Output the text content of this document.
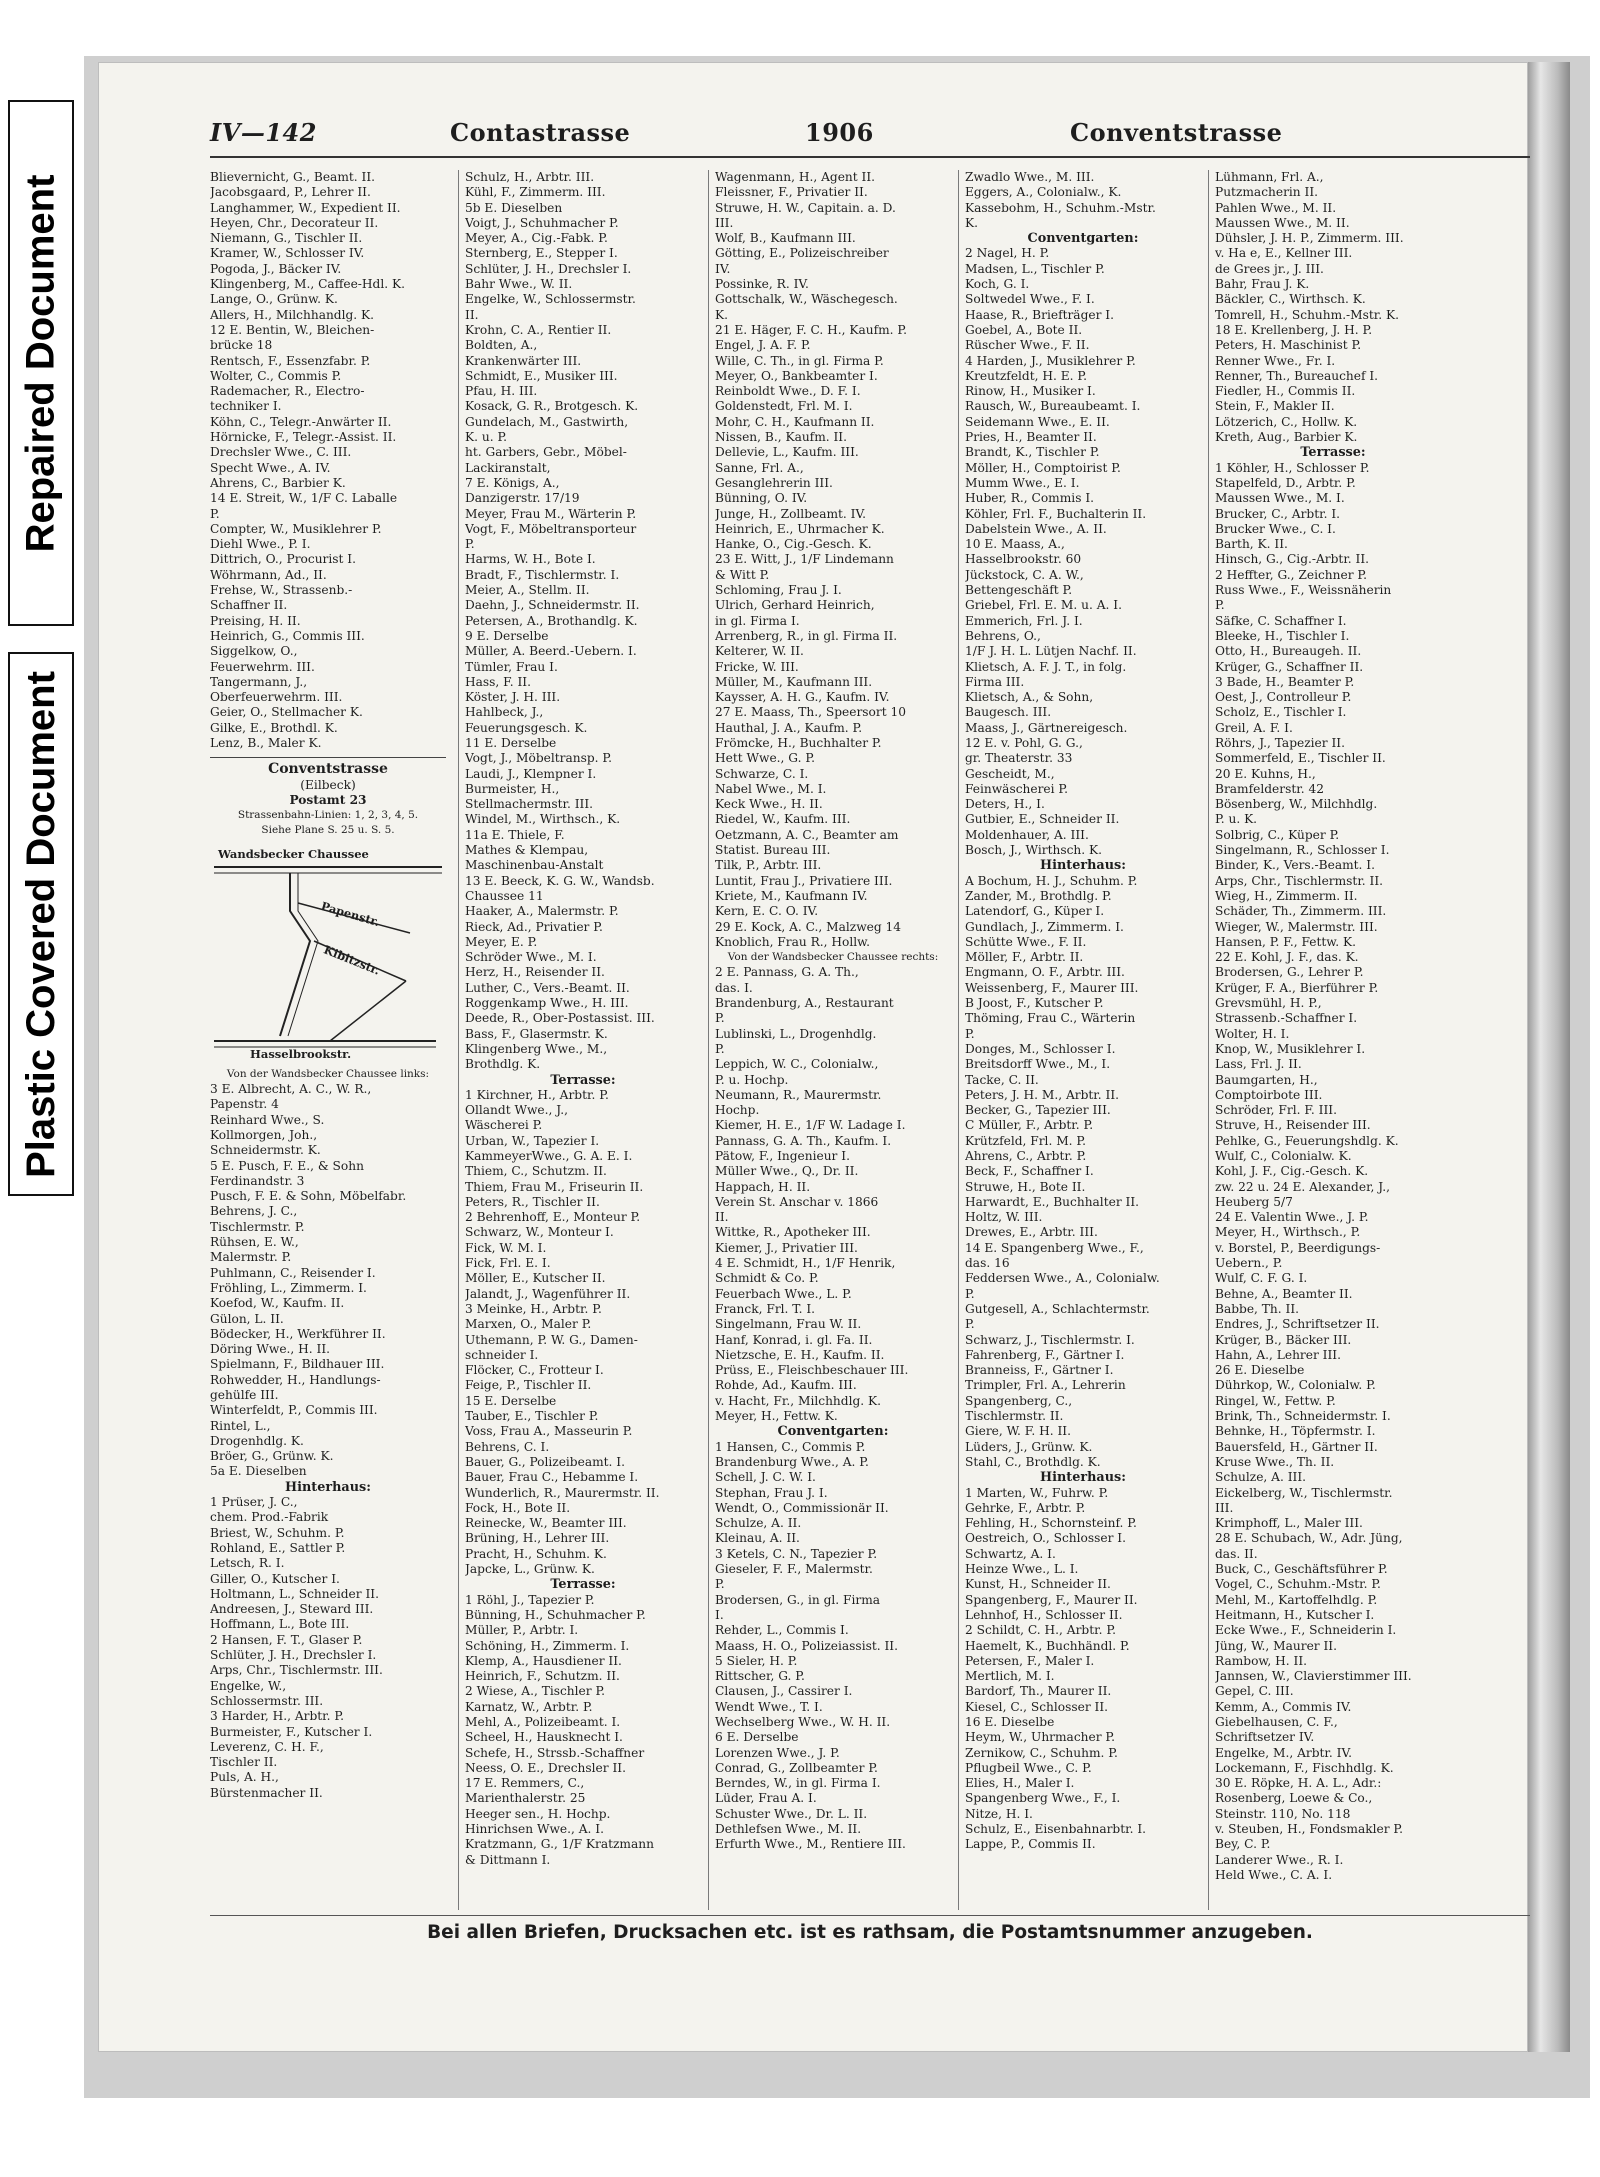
Repaired Document
Plastic Covered Document
IV—142	Contastrasse	1906	Conventstrasse
Blievernicht, G., Beamt. II.
Jacobsgaard, P., Lehrer II.
Langhammer, W., Expedient II.
Heyen, Chr., Decorateur II.
Niemann, G., Tischler II.
Kramer, W., Schlosser IV.
Pogoda, J., Bäcker IV.
Klingenberg, M., Caffee-Hdl. K.
Lange, O., Grünw. K.
Allers, H., Milchhandlg. K.
12 E. Bentin, W., Bleichen-
brücke 18
Rentsch, F., Essenzfabr. P.
Wolter, C., Commis P.
Rademacher, R., Electro-
techniker I.
Köhn, C., Telegr.-Anwärter II.
Hörnicke, F., Telegr.-Assist. II.
Drechsler Wwe., C. III.
Specht Wwe., A. IV.
Ahrens, C., Barbier K.
14 E. Streit, W., 1/F C. Laballe
P.
Compter, W., Musiklehrer P.
Diehl Wwe., P. I.
Dittrich, O., Procurist I.
Wöhrmann, Ad., II.
Frehse, W., Strassenb.-
Schaffner II.
Preising, H. II.
Heinrich, G., Commis III.
Siggelkow, O.,
Feuerwehrm. III.
Tangermann, J.,
Oberfeuerwehrm. III.
Geier, O., Stellmacher K.
Gilke, E., Brothdl. K.
Lenz, B., Maler K.
Conventstrasse
(Eilbeck)
Postamt 23
Strassenbahn-Linien: 1, 2, 3, 4, 5.
Siehe Plane S. 25 u. S. 5.
Wandsbecker Chaussee
Papenstr.
Kibitzstr.
Hasselbrookstr.
Von der Wandsbecker Chaussee links:
3 E. Albrecht, A. C., W. R.,
Papenstr. 4
Reinhard Wwe., S.
Kollmorgen, Joh.,
Schneidermstr. K.
5 E. Pusch, F. E., & Sohn
Ferdinandstr. 3
Pusch, F. E. & Sohn, Möbelfabr.
Behrens, J. C.,
Tischlermstr. P.
Rühsen, E. W.,
Malermstr. P.
Puhlmann, C., Reisender I.
Fröhling, L., Zimmerm. I.
Koefod, W., Kaufm. II.
Gülon, L. II.
Bödecker, H., Werkführer II.
Döring Wwe., H. II.
Spielmann, F., Bildhauer III.
Rohwedder, H., Handlungs-
gehülfe III.
Winterfeldt, P., Commis III.
Rintel, L.,
Drogenhdlg. K.
Bröer, G., Grünw. K.
5a E. Dieselben
Hinterhaus:
1 Prüser, J. C.,
chem. Prod.-Fabrik
Briest, W., Schuhm. P.
Rohland, E., Sattler P.
Letsch, R. I.
Giller, O., Kutscher I.
Holtmann, L., Schneider II.
Andreesen, J., Steward III.
Hoffmann, L., Bote III.
2 Hansen, F. T., Glaser P.
Schlüter, J. H., Drechsler I.
Arps, Chr., Tischlermstr. III.
Engelke, W.,
Schlossermstr. III.
3 Harder, H., Arbtr. P.
Burmeister, F., Kutscher I.
Leverenz, C. H. F.,
Tischler II.
Puls, A. H.,
Bürstenmacher II.
Schulz, H., Arbtr. III.
Kühl, F., Zimmerm. III.
5b E. Dieselben
Voigt, J., Schuhmacher P.
Meyer, A., Cig.-Fabk. P.
Sternberg, E., Stepper I.
Schlüter, J. H., Drechsler I.
Bahr Wwe., W. II.
Engelke, W., Schlossermstr.
II.
Krohn, C. A., Rentier II.
Boldten, A.,
Krankenwärter III.
Schmidt, E., Musiker III.
Pfau, H. III.
Kosack, G. R., Brotgesch. K.
Gundelach, M., Gastwirth,
K. u. P.
ht. Garbers, Gebr., Möbel-
Lackiranstalt,
7 E. Königs, A.,
Danzigerstr. 17/19
Meyer, Frau M., Wärterin P.
Vogt, F., Möbeltransporteur
P.
Harms, W. H., Bote I.
Bradt, F., Tischlermstr. I.
Meier, A., Stellm. II.
Daehn, J., Schneidermstr. II.
Petersen, A., Brothandlg. K.
9 E. Derselbe
Müller, A. Beerd.-Uebern. I.
Tümler, Frau I.
Hass, F. II.
Köster, J. H. III.
Hahlbeck, J.,
Feuerungsgesch. K.
11 E. Derselbe
Vogt, J., Möbeltransp. P.
Laudi, J., Klempner I.
Burmeister, H.,
Stellmachermstr. III.
Windel, M., Wirthsch., K.
11a E. Thiele, F.
Mathes & Klempau,
Maschinenbau-Anstalt
13 E. Beeck, K. G. W., Wandsb.
Chaussee 11
Haaker, A., Malermstr. P.
Rieck, Ad., Privatier P.
Meyer, E. P.
Schröder Wwe., M. I.
Herz, H., Reisender II.
Luther, C., Vers.-Beamt. II.
Roggenkamp Wwe., H. III.
Deede, R., Ober-Postassist. III.
Bass, F., Glasermstr. K.
Klingenberg Wwe., M.,
Brothdlg. K.
Terrasse:
1 Kirchner, H., Arbtr. P.
Ollandt Wwe., J.,
Wäscherei P.
Urban, W., Tapezier I.
KammeyerWwe., G. A. E. I.
Thiem, C., Schutzm. II.
Thiem, Frau M., Friseurin II.
Peters, R., Tischler II.
2 Behrenhoff, E., Monteur P.
Schwarz, W., Monteur I.
Fick, W. M. I.
Fick, Frl. E. I.
Möller, E., Kutscher II.
Jalandt, J., Wagenführer II.
3 Meinke, H., Arbtr. P.
Marxen, O., Maler P.
Uthemann, P. W. G., Damen-
schneider I.
Flöcker, C., Frotteur I.
Feige, P., Tischler II.
15 E. Derselbe
Tauber, E., Tischler P.
Voss, Frau A., Masseurin P.
Behrens, C. I.
Bauer, G., Polizeibeamt. I.
Bauer, Frau C., Hebamme I.
Wunderlich, R., Maurermstr. II.
Fock, H., Bote II.
Reinecke, W., Beamter III.
Brüning, H., Lehrer III.
Pracht, H., Schuhm. K.
Japcke, L., Grünw. K.
Terrasse:
1 Röhl, J., Tapezier P.
Bünning, H., Schuhmacher P.
Müller, P., Arbtr. I.
Schöning, H., Zimmerm. I.
Klemp, A., Hausdiener II.
Heinrich, F., Schutzm. II.
2 Wiese, A., Tischler P.
Karnatz, W., Arbtr. P.
Mehl, A., Polizeibeamt. I.
Scheel, H., Hausknecht I.
Schefe, H., Strssb.-Schaffner
Neess, O. E., Drechsler II.
17 E. Remmers, C.,
Marienthalerstr. 25
Heeger sen., H. Hochp.
Hinrichsen Wwe., A. I.
Kratzmann, G., 1/F Kratzmann
& Dittmann I.
Wagenmann, H., Agent II.
Fleissner, F., Privatier II.
Struwe, H. W., Capitain. a. D.
III.
Wolf, B., Kaufmann III.
Götting, E., Polizeischreiber
IV.
Possinke, R. IV.
Gottschalk, W., Wäschegesch.
K.
21 E. Häger, F. C. H., Kaufm. P.
Engel, J. A. F. P.
Wille, C. Th., in gl. Firma P.
Meyer, O., Bankbeamter I.
Reinboldt Wwe., D. F. I.
Goldenstedt, Frl. M. I.
Mohr, C. H., Kaufmann II.
Nissen, B., Kaufm. II.
Dellevie, L., Kaufm. III.
Sanne, Frl. A.,
Gesanglehrerin III.
Bünning, O. IV.
Junge, H., Zollbeamt. IV.
Heinrich, E., Uhrmacher K.
Hanke, O., Cig.-Gesch. K.
23 E. Witt, J., 1/F Lindemann
& Witt P.
Schloming, Frau J. I.
Ulrich, Gerhard Heinrich,
in gl. Firma I.
Arrenberg, R., in gl. Firma II.
Kelterer, W. II.
Fricke, W. III.
Müller, M., Kaufmann III.
Kaysser, A. H. G., Kaufm. IV.
27 E. Maass, Th., Speersort 10
Hauthal, J. A., Kaufm. P.
Frömcke, H., Buchhalter P.
Hett Wwe., G. P.
Schwarze, C. I.
Nabel Wwe., M. I.
Keck Wwe., H. II.
Riedel, W., Kaufm. III.
Oetzmann, A. C., Beamter am
Statist. Bureau III.
Tilk, P., Arbtr. III.
Luntit, Frau J., Privatiere III.
Kriete, M., Kaufmann IV.
Kern, E. C. O. IV.
29 E. Kock, A. C., Malzweg 14
Knoblich, Frau R., Hollw.
Von der Wandsbecker Chaussee rechts:
2 E. Pannass, G. A. Th.,
das. I.
Brandenburg, A., Restaurant
P.
Lublinski, L., Drogenhdlg.
P.
Leppich, W. C., Colonialw.,
P. u. Hochp.
Neumann, R., Maurermstr.
Hochp.
Kiemer, H. E., 1/F W. Ladage I.
Pannass, G. A. Th., Kaufm. I.
Pätow, F., Ingenieur I.
Müller Wwe., Q., Dr. II.
Happach, H. II.
Verein St. Anschar v. 1866
II.
Wittke, R., Apotheker III.
Kiemer, J., Privatier III.
4 E. Schmidt, H., 1/F Henrik,
Schmidt & Co. P.
Feuerbach Wwe., L. P.
Franck, Frl. T. I.
Singelmann, Frau W. II.
Hanf, Konrad, i. gl. Fa. II.
Nietzsche, E. H., Kaufm. II.
Prüss, E., Fleischbeschauer III.
Rohde, Ad., Kaufm. III.
v. Hacht, Fr., Milchhdlg. K.
Meyer, H., Fettw. K.
Conventgarten:
1 Hansen, C., Commis P.
Brandenburg Wwe., A. P.
Schell, J. C. W. I.
Stephan, Frau J. I.
Wendt, O., Commissionär II.
Schulze, A. II.
Kleinau, A. II.
3 Ketels, C. N., Tapezier P.
Gieseler, F. F., Malermstr.
P.
Brodersen, G., in gl. Firma
I.
Rehder, L., Commis I.
Maass, H. O., Polizeiassist. II.
5 Sieler, H. P.
Rittscher, G. P.
Clausen, J., Cassirer I.
Wendt Wwe., T. I.
Wechselberg Wwe., W. H. II.
6 E. Derselbe
Lorenzen Wwe., J. P.
Conrad, G., Zollbeamter P.
Berndes, W., in gl. Firma I.
Lüder, Frau A. I.
Schuster Wwe., Dr. L. II.
Dethlefsen Wwe., M. II.
Erfurth Wwe., M., Rentiere III.
Zwadlo Wwe., M. III.
Eggers, A., Colonialw., K.
Kassebohm, H., Schuhm.-Mstr.
K.
Conventgarten:
2 Nagel, H. P.
Madsen, L., Tischler P.
Koch, G. I.
Soltwedel Wwe., F. I.
Haase, R., Briefträger I.
Goebel, A., Bote II.
Rüscher Wwe., F. II.
4 Harden, J., Musiklehrer P.
Kreutzfeldt, H. E. P.
Rinow, H., Musiker I.
Rausch, W., Bureaubeamt. I.
Seidemann Wwe., E. II.
Pries, H., Beamter II.
Brandt, K., Tischler P.
Möller, H., Comptoirist P.
Mumm Wwe., E. I.
Huber, R., Commis I.
Köhler, Frl. F., Buchalterin II.
Dabelstein Wwe., A. II.
10 E. Maass, A.,
Hasselbrookstr. 60
Jückstock, C. A. W.,
Bettengeschäft P.
Griebel, Frl. E. M. u. A. I.
Emmerich, Frl. J. I.
Behrens, O.,
1/F J. H. L. Lütjen Nachf. II.
Klietsch, A. F. J. T., in folg.
Firma III.
Klietsch, A., & Sohn,
Baugesch. III.
Maass, J., Gärtnereigesch.
12 E. v. Pohl, G. G.,
gr. Theaterstr. 33
Gescheidt, M.,
Feinwäscherei P.
Deters, H., I.
Gutbier, E., Schneider II.
Moldenhauer, A. III.
Bosch, J., Wirthsch. K.
Hinterhaus:
A Bochum, H. J., Schuhm. P.
Zander, M., Brothdlg. P.
Latendorf, G., Küper I.
Gundlach, J., Zimmerm. I.
Schütte Wwe., F. II.
Möller, F., Arbtr. II.
Engmann, O. F., Arbtr. III.
Weissenberg, F., Maurer III.
B Joost, F., Kutscher P.
Thöming, Frau C., Wärterin
P.
Donges, M., Schlosser I.
Breitsdorff Wwe., M., I.
Tacke, C. II.
Peters, J. H. M., Arbtr. II.
Becker, G., Tapezier III.
C Müller, F., Arbtr. P.
Krützfeld, Frl. M. P.
Ahrens, C., Arbtr. P.
Beck, F., Schaffner I.
Struwe, H., Bote II.
Harwardt, E., Buchhalter II.
Holtz, W. III.
Drewes, E., Arbtr. III.
14 E. Spangenberg Wwe., F.,
das. 16
Feddersen Wwe., A., Colonialw.
P.
Gutgesell, A., Schlachtermstr.
P.
Schwarz, J., Tischlermstr. I.
Fahrenberg, F., Gärtner I.
Branneiss, F., Gärtner I.
Trimpler, Frl. A., Lehrerin
Spangenberg, C.,
Tischlermstr. II.
Giere, W. F. H. II.
Lüders, J., Grünw. K.
Stahl, C., Brothdlg. K.
Hinterhaus:
1 Marten, W., Fuhrw. P.
Gehrke, F., Arbtr. P.
Fehling, H., Schornsteinf. P.
Oestreich, O., Schlosser I.
Schwartz, A. I.
Heinze Wwe., L. I.
Kunst, H., Schneider II.
Spangenberg, F., Maurer II.
Lehnhof, H., Schlosser II.
2 Schildt, C. H., Arbtr. P.
Haemelt, K., Buchhändl. P.
Petersen, F., Maler I.
Mertlich, M. I.
Bardorf, Th., Maurer II.
Kiesel, C., Schlosser II.
16 E. Dieselbe
Heym, W., Uhrmacher P.
Zernikow, C., Schuhm. P.
Pflugbeil Wwe., C. P.
Elies, H., Maler I.
Spangenberg Wwe., F., I.
Nitze, H. I.
Schulz, E., Eisenbahnarbtr. I.
Lappe, P., Commis II.
Lühmann, Frl. A.,
Putzmacherin II.
Pahlen Wwe., M. II.
Maussen Wwe., M. II.
Dühsler, J. H. P., Zimmerm. III.
v. Ha e, E., Kellner III.
de Grees jr., J. III.
Bahr, Frau J. K.
Bäckler, C., Wirthsch. K.
Tomrell, H., Schuhm.-Mstr. K.
18 E. Krellenberg, J. H. P.
Peters, H. Maschinist P.
Renner Wwe., Fr. I.
Renner, Th., Bureauchef I.
Fiedler, H., Commis II.
Stein, F., Makler II.
Lötzerich, C., Hollw. K.
Kreth, Aug., Barbier K.
Terrasse:
1 Köhler, H., Schlosser P.
Stapelfeld, D., Arbtr. P.
Maussen Wwe., M. I.
Brucker, C., Arbtr. I.
Brucker Wwe., C. I.
Barth, K. II.
Hinsch, G., Cig.-Arbtr. II.
2 Heffter, G., Zeichner P.
Russ Wwe., F., Weissnäherin
P.
Säfke, C. Schaffner I.
Bleeke, H., Tischler I.
Otto, H., Bureaugeh. II.
Krüger, G., Schaffner II.
3 Bade, H., Beamter P.
Oest, J., Controlleur P.
Scholz, E., Tischler I.
Greil, A. F. I.
Röhrs, J., Tapezier II.
Sommerfeld, E., Tischler II.
20 E. Kuhns, H.,
Bramfelderstr. 42
Bösenberg, W., Milchhdlg.
P. u. K.
Solbrig, C., Küper P.
Singelmann, R., Schlosser I.
Binder, K., Vers.-Beamt. I.
Arps, Chr., Tischlermstr. II.
Wieg, H., Zimmerm. II.
Schäder, Th., Zimmerm. III.
Wieger, W., Malermstr. III.
Hansen, P. F., Fettw. K.
22 E. Kohl, J. F., das. K.
Brodersen, G., Lehrer P.
Krüger, F. A., Bierführer P.
Grevsmühl, H. P.,
Strassenb.-Schaffner I.
Wolter, H. I.
Knop, W., Musiklehrer I.
Lass, Frl. J. II.
Baumgarten, H.,
Comptoirbote III.
Schröder, Frl. F. III.
Struve, H., Reisender III.
Pehlke, G., Feuerungshdlg. K.
Wulf, C., Colonialw. K.
Kohl, J. F., Cig.-Gesch. K.
zw. 22 u. 24 E. Alexander, J.,
Heuberg 5/7
24 E. Valentin Wwe., J. P.
Meyer, H., Wirthsch., P.
v. Borstel, P., Beerdigungs-
Uebern., P.
Wulf, C. F. G. I.
Behne, A., Beamter II.
Babbe, Th. II.
Endres, J., Schriftsetzer II.
Krüger, B., Bäcker III.
Hahn, A., Lehrer III.
26 E. Dieselbe
Dührkop, W., Colonialw. P.
Ringel, W., Fettw. P.
Brink, Th., Schneidermstr. I.
Behnke, H., Töpfermstr. I.
Bauersfeld, H., Gärtner II.
Kruse Wwe., Th. II.
Schulze, A. III.
Eickelberg, W., Tischlermstr.
III.
Krimphoff, L., Maler III.
28 E. Schubach, W., Adr. Jüng,
das. II.
Buck, C., Geschäftsführer P.
Vogel, C., Schuhm.-Mstr. P.
Mehl, M., Kartoffelhdlg. P.
Heitmann, H., Kutscher I.
Ecke Wwe., F., Schneiderin I.
Jüng, W., Maurer II.
Rambow, H. II.
Jannsen, W., Clavierstimmer III.
Gepel, C. III.
Kemm, A., Commis IV.
Giebelhausen, C. F.,
Schriftsetzer IV.
Engelke, M., Arbtr. IV.
Lockemann, F., Fischhdlg. K.
30 E. Röpke, H. A. L., Adr.:
Rosenberg, Loewe & Co.,
Steinstr. 110, No. 118
v. Steuben, H., Fondsmakler P.
Bey, C. P.
Landerer Wwe., R. I.
Held Wwe., C. A. I.
Bei allen Briefen, Drucksachen etc. ist es rathsam, die Postamtsnummer anzugeben.
